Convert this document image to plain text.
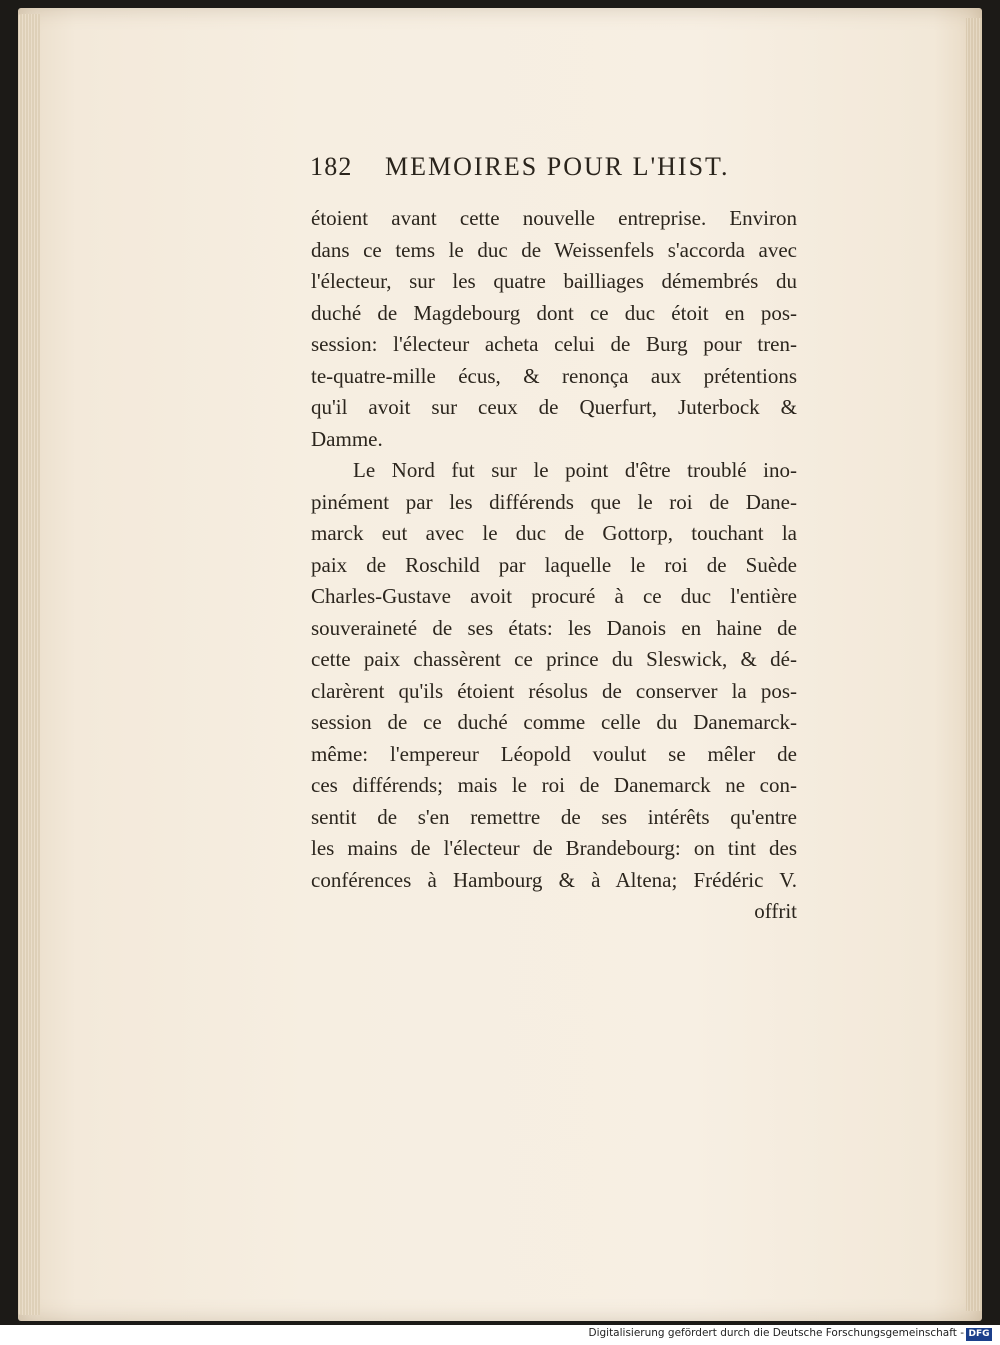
182 MEMOIRES POUR L'HIST.
étoient avant cette nouvelle entreprise. Environ
dans ce tems le duc de Weissenfels s'accorda avec
l'électeur, sur les quatre bailliages démembrés du
duché de Magdebourg dont ce duc étoit en pos-
session: l'électeur acheta celui de Burg pour tren-
te-quatre-mille écus, & renonça aux prétentions
qu'il avoit sur ceux de Querfurt, Juterbock &
Damme.
Le Nord fut sur le point d'être troublé ino-
pinément par les différends que le roi de Dane-
marck eut avec le duc de Gottorp, touchant la
paix de Roschild par laquelle le roi de Suède
Charles-Gustave avoit procuré à ce duc l'entière
souveraineté de ses états: les Danois en haine de
cette paix chassèrent ce prince du Sleswick, & dé-
clarèrent qu'ils étoient résolus de conserver la pos-
session de ce duché comme celle du Danemarck-
même: l'empereur Léopold voulut se mêler de
ces différends; mais le roi de Danemarck ne con-
sentit de s'en remettre de ses intérêts qu'entre
les mains de l'électeur de Brandebourg: on tint des
conférences à Hambourg & à Altena; Frédéric V.
offrit
Digitalisierung gefördert durch die Deutsche Forschungsgemeinschaft - DFG
